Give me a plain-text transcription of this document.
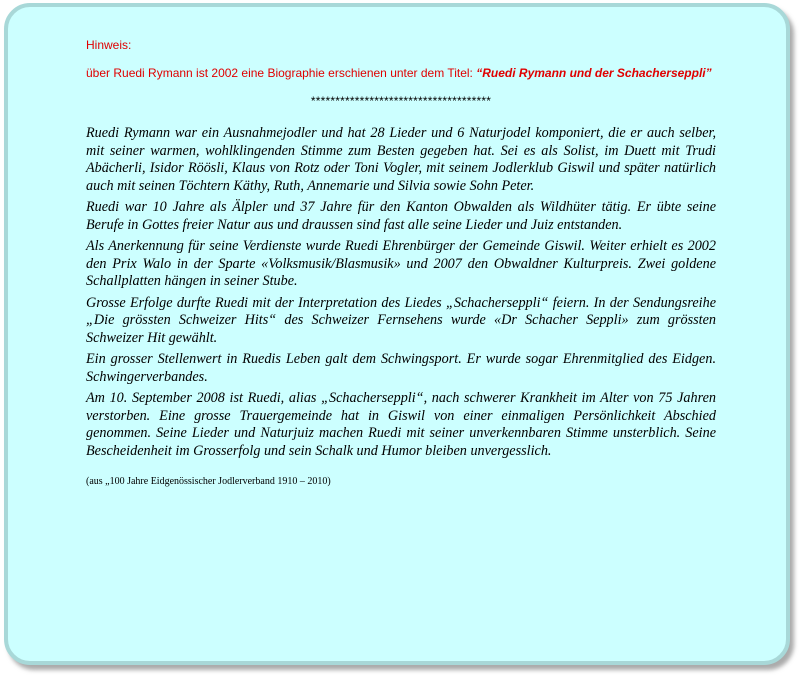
Hinweis:

über Ruedi Rymann ist 2002 eine Biographie erschienen unter dem Titel: “Ruedi Rymann und der Schacherseppli”

*************************************

Ruedi Rymann war ein Ausnahmejodler und hat 28 Lieder und 6 Naturjodel komponiert, die er auch selber, mit seiner warmen, wohlklingenden Stimme zum Besten gegeben hat. Sei es als Solist, im Duett mit Trudi Abächerli, Isidor Röösli, Klaus von Rotz oder Toni Vogler, mit seinem Jodlerklub Giswil und später natürlich auch mit seinen Töchtern Käthy, Ruth, Annemarie und Silvia sowie Sohn Peter.

Ruedi war 10 Jahre als Älpler und 37 Jahre für den Kanton Obwalden als Wildhüter tätig. Er übte seine Berufe in Gottes freier Natur aus und draussen sind fast alle seine Lieder und Juiz entstanden.

Als Anerkennung für seine Verdienste wurde Ruedi Ehrenbürger der Gemeinde Giswil. Weiter erhielt es 2002 den Prix Walo in der Sparte «Volksmusik/Blasmusik» und 2007 den Obwaldner Kulturpreis. Zwei goldene Schallplatten hängen in seiner Stube.

Grosse Erfolge durfte Ruedi mit der Interpretation des Liedes „Schacherseppli“ feiern. In der Sendungsreihe „Die grössten Schweizer Hits“ des Schweizer Fernsehens wurde «Dr Schacher Seppli» zum grössten Schweizer Hit gewählt.

Ein grosser Stellenwert in Ruedis Leben galt dem Schwingsport. Er wurde sogar Ehrenmitglied des Eidgen. Schwingerverbandes.

Am 10. September 2008 ist Ruedi, alias „Schacherseppli“, nach schwerer Krankheit im Alter von 75 Jahren verstorben. Eine grosse Trauergemeinde hat in Giswil von einer einmaligen Persönlichkeit Abschied genommen. Seine Lieder und Naturjuiz machen Ruedi mit seiner unverkennbaren Stimme unsterblich. Seine Bescheidenheit im Grosserfolg und sein Schalk und Humor bleiben unvergesslich.

(aus „100 Jahre Eidgenössischer Jodlerverband 1910 – 2010)
